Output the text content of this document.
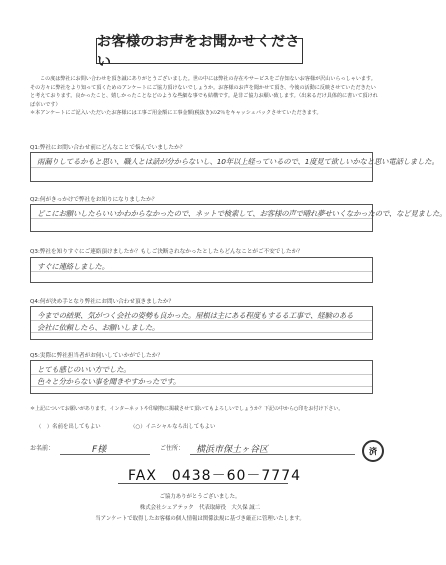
お客様のお声をお聞かせください

この度は弊社にお問い合わせを頂き誠にありがとうございました。世の中には弊社の存在やサービスをご存知ないお客様が沢山いらっしゃいます。その方々に弊社をより知って頂くためのアンケートにご協力頂けないでしょうか。お客様のお声を聞かせて頂き、今後の活動に反映させていただきたいと考えております。良かったこと、嬉しかったことなどのような些細な事でも結構です。是非ご協力お願い致します。（出来るだけ具体的に書いて頂ければ幸いです）

＊本アンケートにご記入いただいたお客様には工事ご用金額に工事金額(税抜き)の2％をキャッシュバックさせていただきます。

Q1:弊社にお問い合わせ前にどんなことで悩んでいましたか？
雨漏りしてるかもと思い、職人とは話が分からないし、10年以上経っているので、1度見て欲しいかなと思い電話しました。
Q2:何がきっかけで弊社をお知りになりましたか？
どこにお願いしたらいいかわからなかったので、ネットで検索して、お客様の声で晴れ夢せいくなかったので、など見ました。
Q3:弊社を知りすぐにご連絡頂けましたか？もしご決断されなかったとしたらどんなことがご不安でしたか？
すぐに連絡しました。
Q4:何が決め手となり弊社にお問い合わせ頂きましたか？
今までの結果、気がつく会社の姿勢も良かった。屋根は主にある程度もするる工事で、経験のある
会社に依頼したら、お願いしました。
Q5:実際に弊社担当者がお伺いしていかがでしたか？
とても感じのいい方でした。
色々と分からない事を聞きやすかったです。
＊上記についてお願いがあります。インターネットや印刷物に掲載させて頂いてもよろしいでしょうか？下記の中から○印をお付け下さい。
（　）名前を出してもよい	（○）イニシャルなら出してもよい
お名前：	F様	ご住所： 横浜市保土ヶ谷区	済
FAX　0438－60－7774
ご協力ありがとうございました。
株式会社シェアテック　代表取締役　大久保 誠二
当アンケートで取得したお客様の個人情報は関係法規に基づき厳正に管理いたします。
